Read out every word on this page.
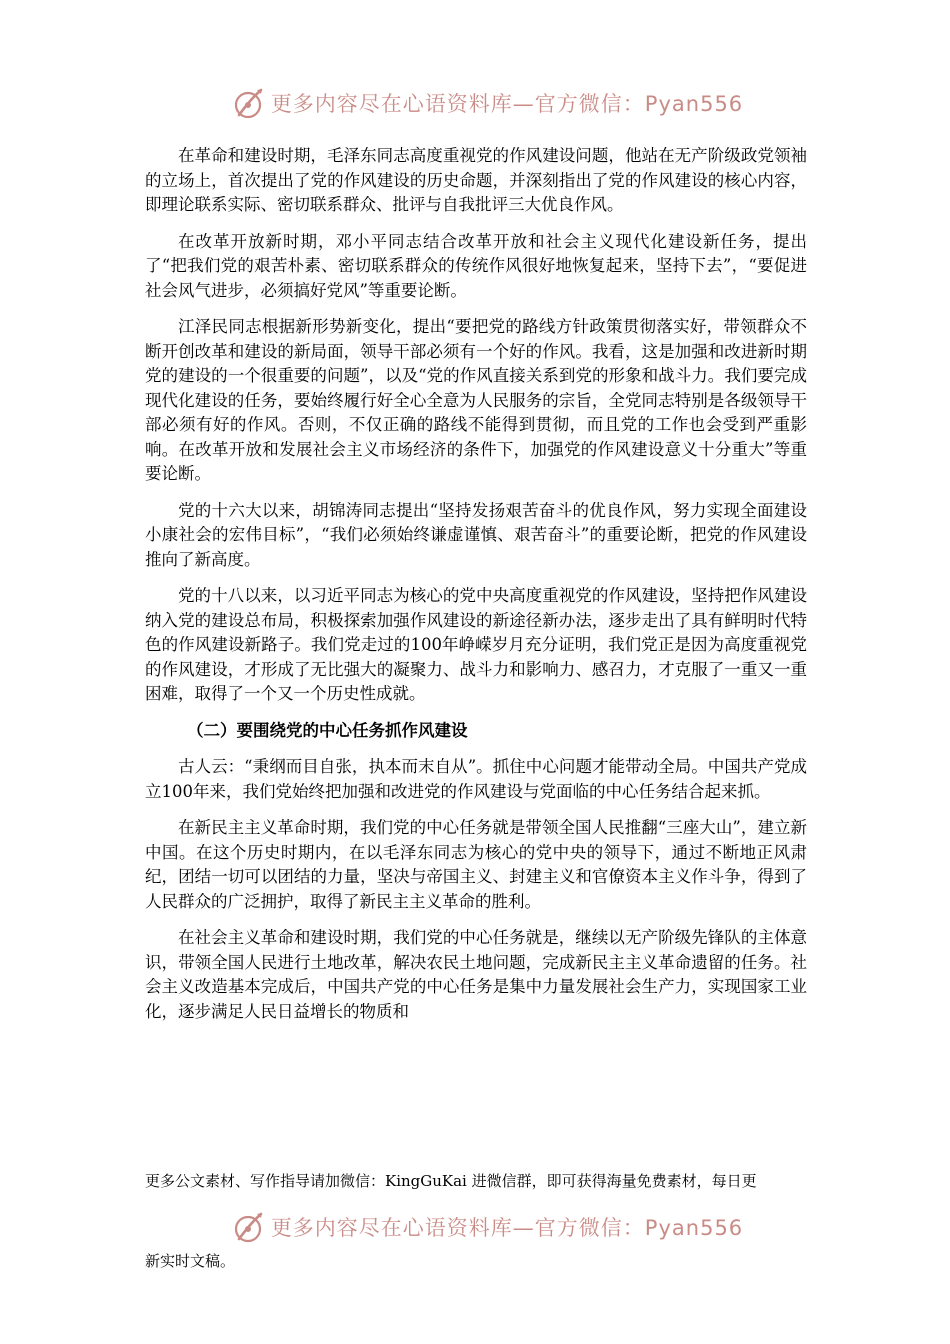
更多内容尽在心语资料库—官方微信：Pyan556

在革命和建设时期，毛泽东同志高度重视党的作风建设问题，他站在无产阶级政党领袖的立场上，首次提出了党的作风建设的历史命题，并深刻指出了党的作风建设的核心内容，即理论联系实际、密切联系群众、批评与自我批评三大优良作风。

在改革开放新时期，邓小平同志结合改革开放和社会主义现代化建设新任务，提出了“把我们党的艰苦朴素、密切联系群众的传统作风很好地恢复起来，坚持下去”，“要促进社会风气进步，必须搞好党风”等重要论断。

江泽民同志根据新形势新变化，提出“要把党的路线方针政策贯彻落实好，带领群众不断开创改革和建设的新局面，领导干部必须有一个好的作风。我看，这是加强和改进新时期党的建设的一个很重要的问题”，以及“党的作风直接关系到党的形象和战斗力。我们要完成现代化建设的任务，要始终履行好全心全意为人民服务的宗旨，全党同志特别是各级领导干部必须有好的作风。否则，不仅正确的路线不能得到贯彻，而且党的工作也会受到严重影响。在改革开放和发展社会主义市场经济的条件下，加强党的作风建设意义十分重大”等重要论断。

党的十六大以来，胡锦涛同志提出“坚持发扬艰苦奋斗的优良作风，努力实现全面建设小康社会的宏伟目标”，“我们必须始终谦虚谨慎、艰苦奋斗”的重要论断，把党的作风建设推向了新高度。

党的十八以来，以习近平同志为核心的党中央高度重视党的作风建设，坚持把作风建设纳入党的建设总布局，积极探索加强作风建设的新途径新办法，逐步走出了具有鲜明时代特色的作风建设新路子。我们党走过的100年峥嵘岁月充分证明，我们党正是因为高度重视党的作风建设，才形成了无比强大的凝聚力、战斗力和影响力、感召力，才克服了一重又一重困难，取得了一个又一个历史性成就。

（二）要围绕党的中心任务抓作风建设

古人云：“秉纲而目自张，执本而末自从”。抓住中心问题才能带动全局。中国共产党成立100年来，我们党始终把加强和改进党的作风建设与党面临的中心任务结合起来抓。

在新民主主义革命时期，我们党的中心任务就是带领全国人民推翻“三座大山”，建立新中国。在这个历史时期内，在以毛泽东同志为核心的党中央的领导下，通过不断地正风肃纪，团结一切可以团结的力量，坚决与帝国主义、封建主义和官僚资本主义作斗争，得到了人民群众的广泛拥护，取得了新民主主义革命的胜利。

在社会主义革命和建设时期，我们党的中心任务就是，继续以无产阶级先锋队的主体意识，带领全国人民进行土地改革，解决农民土地问题，完成新民主主义革命遗留的任务。社会主义改造基本完成后，中国共产党的中心任务是集中力量发展社会生产力，实现国家工业化，逐步满足人民日益增长的物质和

更多公文素材、写作指导请加微信：KingGuKai 进微信群，即可获得海量免费素材，每日更
更多内容尽在心语资料库—官方微信：Pyan556
新实时文稿。
